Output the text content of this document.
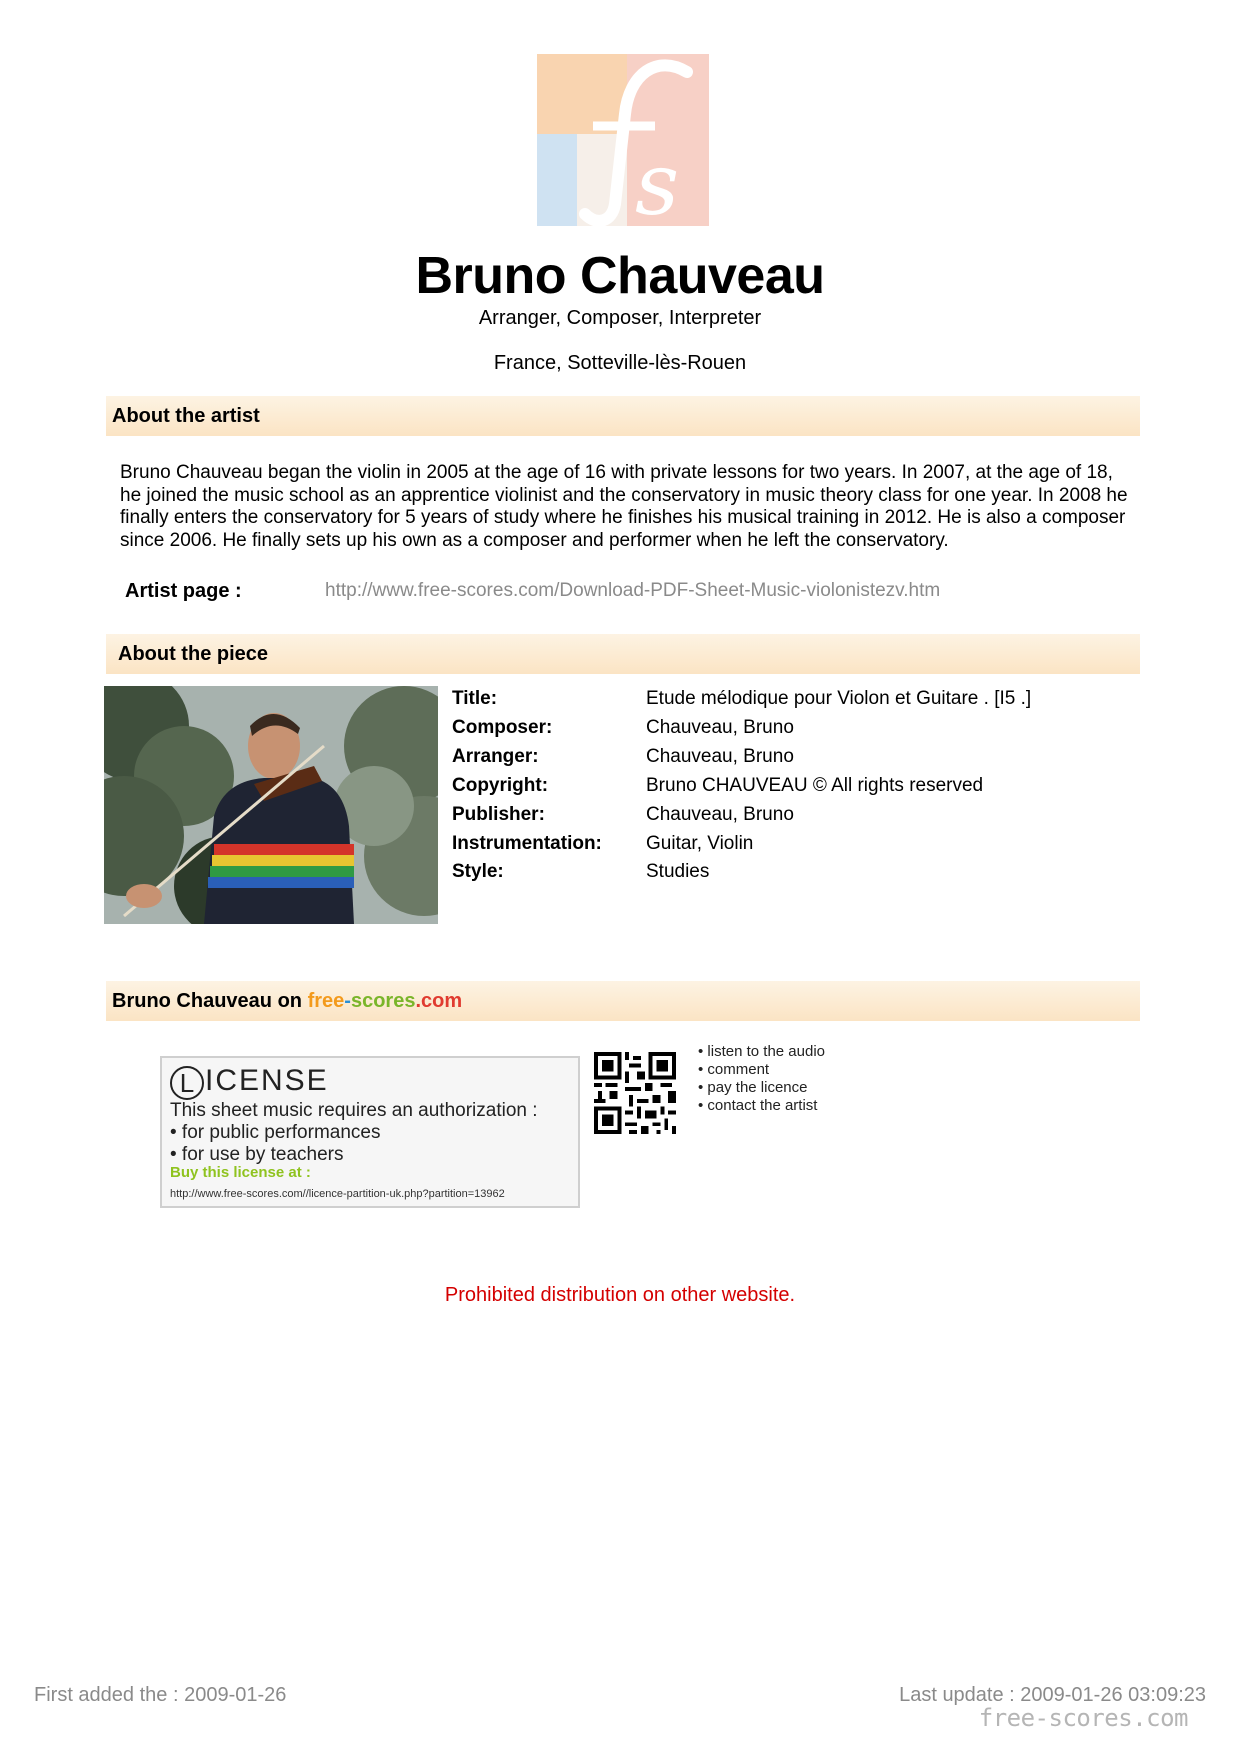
s
Bruno Chauveau
Arranger, Composer, Interpreter
France, Sotteville-lès-Rouen
About the artist
Bruno Chauveau began the violin in 2005 at the age of 16 with private lessons for two years. In 2007, at the age of 18, he joined the music school as an apprentice violinist and the conservatory in music theory class for one year. In 2008 he finally enters the conservatory for 5 years of study where he finishes his musical training in 2012. He is also a composer since 2006. He finally sets up his own as a composer and performer when he left the conservatory.
Artist page :	http://www.free-scores.com/Download-PDF-Sheet-Music-violonistezv.htm
About the piece
Title:	Etude mélodique pour Violon et Guitare . [I5 .]
Composer:	Chauveau, Bruno
Arranger:	Chauveau, Bruno
Copyright:	Bruno CHAUVEAU © All rights reserved
Publisher:	Chauveau, Bruno
Instrumentation: Guitar, Violin
Style:	Studies
Bruno Chauveau on free-scores.com
L ICENSE
This sheet music requires an authorization :
• for public performances
• for use by teachers
Buy this license at :
http://www.free-scores.com//licence-partition-uk.php?partition=13962
• listen to the audio
• comment
• pay the licence
• contact the artist
Prohibited distribution on other website.
First added the : 2009-01-26	Last update : 2009-01-26 03:09:23
free-scores.com
